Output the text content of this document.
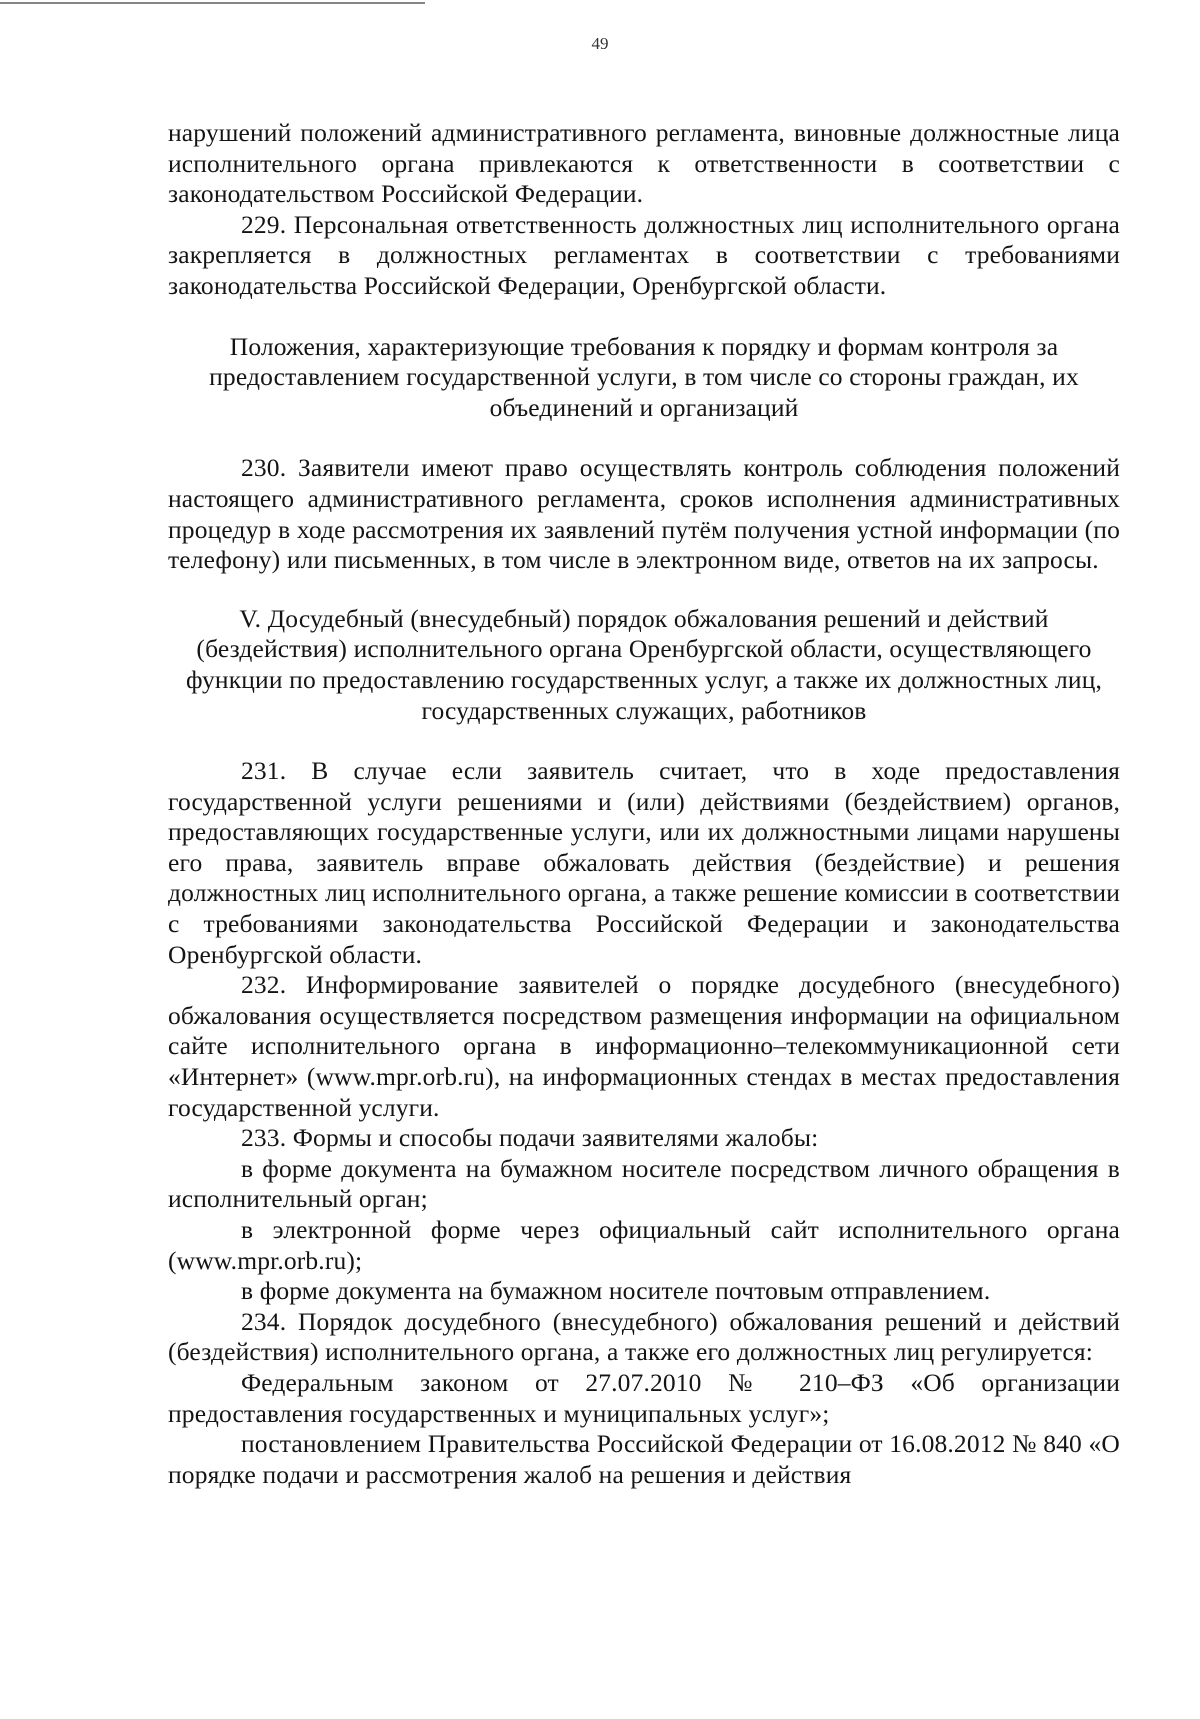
49

нарушений положений административного регламента, виновные должностные лица исполнительного органа привлекаются к ответственности в соответствии с законодательством Российской Федерации.

229. Персональная ответственность должностных лиц исполнительного органа закрепляется в должностных регламентах в соответствии с требованиями законодательства Российской Федерации, Оренбургской области.

Положения, характеризующие требования к порядку и формам контроля за предоставлением государственной услуги, в том числе со стороны граждан, их объединений и организаций

230. Заявители имеют право осуществлять контроль соблюдения положений настоящего административного регламента, сроков исполнения административных процедур в ходе рассмотрения их заявлений путём получения устной информации (по телефону) или письменных, в том числе в электронном виде, ответов на их запросы.

V. Досудебный (внесудебный) порядок обжалования решений и действий (бездействия) исполнительного органа Оренбургской области, осуществляющего функции по предоставлению государственных услуг, а также их должностных лиц, государственных служащих, работников

231. В случае если заявитель считает, что в ходе предоставления государственной услуги решениями и (или) действиями (бездействием) органов, предоставляющих государственные услуги, или их должностными лицами нарушены его права, заявитель вправе обжаловать действия (бездействие) и решения должностных лиц исполнительного органа, а также решение комиссии в соответствии с требованиями законодательства Российской Федерации и законодательства Оренбургской области.

232. Информирование заявителей о порядке досудебного (внесудебного) обжалования осуществляется посредством размещения информации на официальном сайте исполнительного органа в информационно–телекоммуникационной сети «Интернет» (www.mpr.orb.ru), на информационных стендах в местах предоставления государственной услуги.

233. Формы и способы подачи заявителями жалобы:

в форме документа на бумажном носителе посредством личного обращения в исполнительный орган;

в электронной форме через официальный сайт исполнительного органа (www.mpr.orb.ru);

в форме документа на бумажном носителе почтовым отправлением.

234. Порядок досудебного (внесудебного) обжалования решений и действий (бездействия) исполнительного органа, а также его должностных лиц регулируется:

Федеральным законом от 27.07.2010 № 210–ФЗ «Об организации предоставления государственных и муниципальных услуг»;

постановлением Правительства Российской Федерации от 16.08.2012 № 840 «О порядке подачи и рассмотрения жалоб на решения и действия
